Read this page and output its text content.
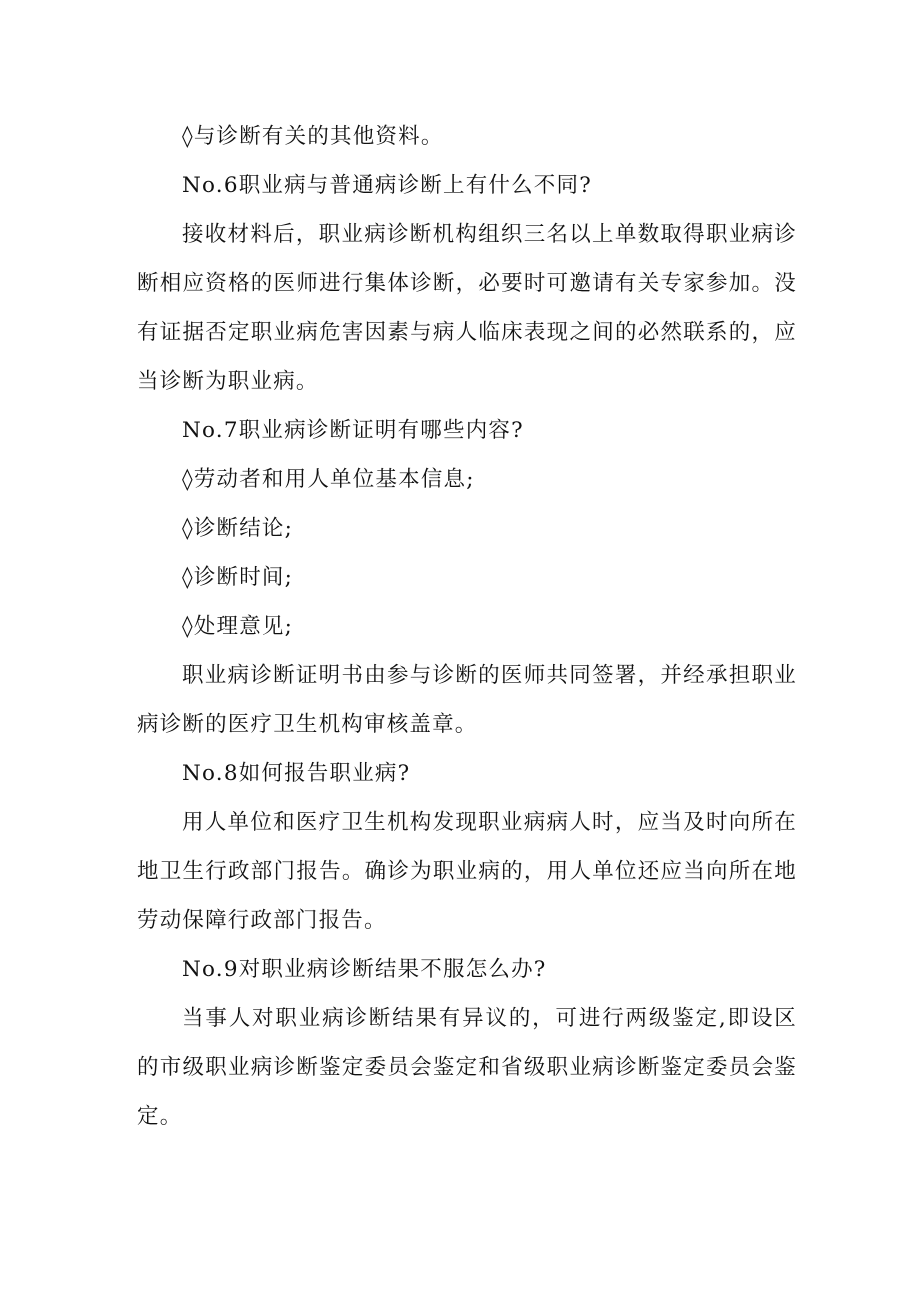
◊与诊断有关的其他资料。

No.6职业病与普通病诊断上有什么不同?

接收材料后，职业病诊断机构组织三名以上单数取得职业病诊断相应资格的医师进行集体诊断，必要时可邀请有关专家参加。没有证据否定职业病危害因素与病人临床表现之间的必然联系的，应当诊断为职业病。

No.7职业病诊断证明有哪些内容?

◊劳动者和用人单位基本信息;

◊诊断结论;

◊诊断时间;

◊处理意见;

职业病诊断证明书由参与诊断的医师共同签署，并经承担职业病诊断的医疗卫生机构审核盖章。

No.8如何报告职业病?

用人单位和医疗卫生机构发现职业病病人时，应当及时向所在地卫生行政部门报告。确诊为职业病的，用人单位还应当向所在地劳动保障行政部门报告。

No.9对职业病诊断结果不服怎么办?

当事人对职业病诊断结果有异议的，可进行两级鉴定,即设区的市级职业病诊断鉴定委员会鉴定和省级职业病诊断鉴定委员会鉴定。
